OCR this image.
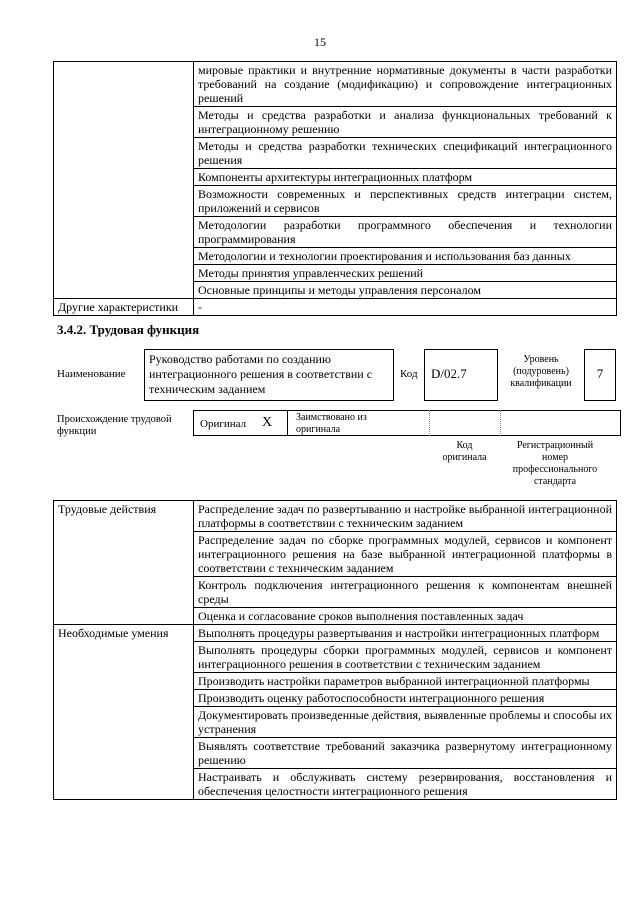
15
	мировые практики и внутренние нормативные документы в части разработки требований на создание (модификацию) и сопровождение интеграционных решений
	Методы и средства разработки и анализа функциональных требований к интеграционному решению
	Методы и средства разработки технических спецификаций интеграционного решения
	Компоненты архитектуры интеграционных платформ
	Возможности современных и перспективных средств интеграции систем, приложений и сервисов
	Методологии разработки программного обеспечения и технологии программирования
	Методологии и технологии проектирования и использования баз данных
	Методы принятия управленческих решений
	Основные принципы и методы управления персоналом
Другие характеристики	-
3.4.2. Трудовая функция
Наименование
Руководство работами по созданию интеграционного решения в соответствии с техническим заданием
Код	D/02.7
Уровень (подуровень) квалификации
7
Происхождение трудовой функции
Оригинал X Заимствовано из оригинала
Код оригинала
Регистрационный номер профессионального стандарта
Трудовые действия	Распределение задач по развертыванию и настройке выбранной интеграционной платформы в соответствии с техническим заданием
	Распределение задач по сборке программных модулей, сервисов и компонент интеграционного решения на базе выбранной интеграционной платформы в соответствии с техническим заданием
	Контроль подключения интеграционного решения к компонентам внешней среды
	Оценка и согласование сроков выполнения поставленных задач
Необходимые умения	Выполнять процедуры развертывания и настройки интеграционных платформ
	Выполнять процедуры сборки программных модулей, сервисов и компонент интеграционного решения в соответствии с техническим заданием
	Производить настройки параметров выбранной интеграционной платформы
	Производить оценку работоспособности интеграционного решения
	Документировать произведенные действия, выявленные проблемы и способы их устранения
	Выявлять соответствие требований заказчика развернутому интеграционному решению
	Настраивать и обслуживать систему резервирования, восстановления и обеспечения целостности интеграционного решения
